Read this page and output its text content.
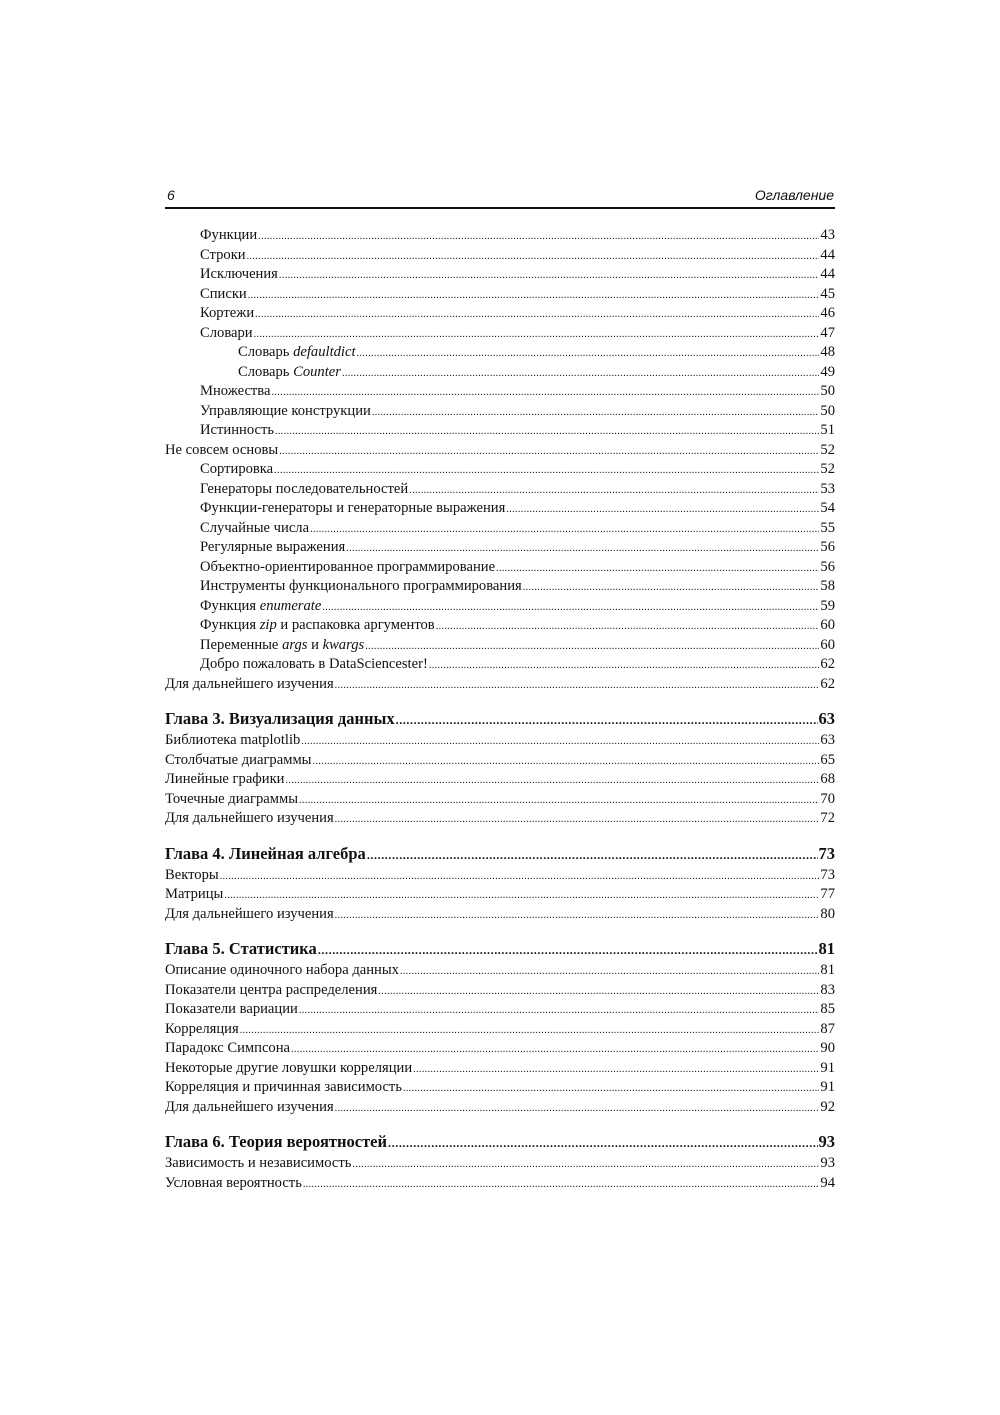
6	Оглавление
Функции .....	43
Строки .....	44
Исключения .....	44
Списки .....	45
Кортежи .....	46
Словари .....	47
Словарь defaultdict .....	48
Словарь Counter .....	49
Множества .....	50
Управляющие конструкции .....	50
Истинность .....	51
Не совсем основы .....	52
Сортировка .....	52
Генераторы последовательностей .....	53
Функции-генераторы и генераторные выражения .....	54
Случайные числа .....	55
Регулярные выражения .....	56
Объектно-ориентированное программирование .....	56
Инструменты функционального программирования .....	58
Функция enumerate .....	59
Функция zip и распаковка аргументов .....	60
Переменные args и kwargs .....	60
Добро пожаловать в DataSciencester! .....	62
Для дальнейшего изучения .....	62
Глава 3. Визуализация данных .....	63
Библиотека matplotlib .....	63
Столбчатые диаграммы .....	65
Линейные графики .....	68
Точечные диаграммы .....	70
Для дальнейшего изучения .....	72
Глава 4. Линейная алгебра .....	73
Векторы .....	73
Матрицы .....	77
Для дальнейшего изучения .....	80
Глава 5. Статистика .....	81
Описание одиночного набора данных .....	81
Показатели центра распределения .....	83
Показатели вариации .....	85
Корреляция .....	87
Парадокс Симпсона .....	90
Некоторые другие ловушки корреляции .....	91
Корреляция и причинная зависимость .....	91
Для дальнейшего изучения .....	92
Глава 6. Теория вероятностей .....	93
Зависимость и независимость .....	93
Условная вероятность .....	94
